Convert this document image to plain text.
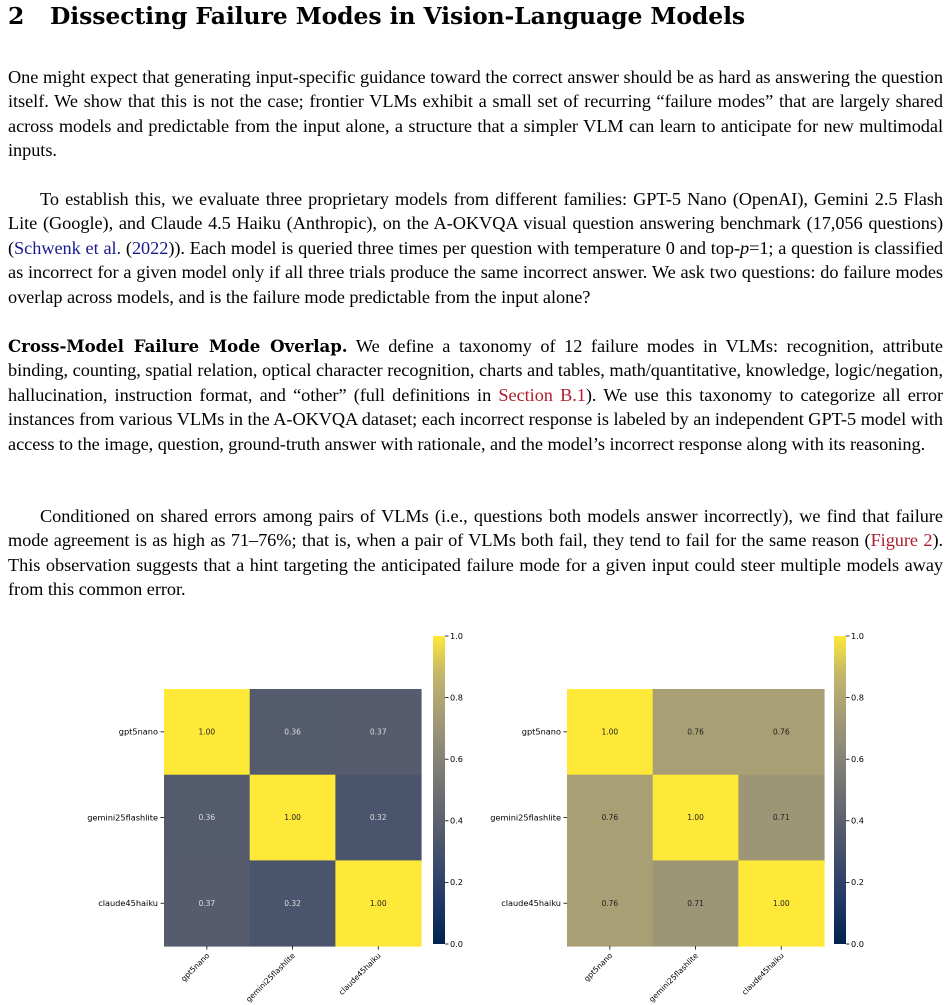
2 Dissecting Failure Modes in Vision-Language Models

One might expect that generating input-specific guidance toward the correct answer should be as hard as answering the question itself. We show that this is not the case; frontier VLMs exhibit a small set of recurring “failure modes” that are largely shared across models and predictable from the input alone, a structure that a simpler VLM can learn to anticipate for new multimodal inputs.

To establish this, we evaluate three proprietary models from different families: GPT-5 Nano (OpenAI), Gemini 2.5 Flash Lite (Google), and Claude 4.5 Haiku (Anthropic), on the A-OKVQA visual question answering benchmark (17,056 questions) (Schwenk et al. (2022)). Each model is queried three times per question with temperature 0 and top-p=1; a question is classified as incorrect for a given model only if all three trials produce the same incorrect answer. We ask two questions: do failure modes overlap across models, and is the failure mode predictable from the input alone?

Cross-Model Failure Mode Overlap. We define a taxonomy of 12 failure modes in VLMs: recognition, attribute binding, counting, spatial relation, optical character recognition, charts and tables, math/quantitative, knowledge, logic/negation, hallucination, instruction format, and “other” (full definitions in Section B.1). We use this taxonomy to categorize all error instances from various VLMs in the A-OKVQA dataset; each incorrect response is labeled by an independent GPT-5 model with access to the image, question, ground-truth answer with rationale, and the model’s incorrect response along with its reasoning.

Conditioned on shared errors among pairs of VLMs (i.e., questions both models answer incorrectly), we find that failure mode agreement is as high as 71–76%; that is, when a pair of VLMs both fail, they tend to fail for the same reason (Figure 2). This observation suggests that a hint targeting the anticipated failure mode for a given input could steer multiple models away from this common error.

1.00	0.36	0.37
0.36	1.00	0.32
0.37	0.32	1.00
gpt5nano
gemini25flashlite
claude45haiku
gpt5nano	gemini25flashlite	claude45haiku
0.0
0.2
0.4
0.6
0.8
1.0
1.00	0.76	0.76
0.76	1.00	0.71
0.76	0.71	1.00
gpt5nano
gemini25flashlite
claude45haiku
gpt5nano	gemini25flashlite	claude45haiku
0.0
0.2
0.4
0.6
0.8
1.0
